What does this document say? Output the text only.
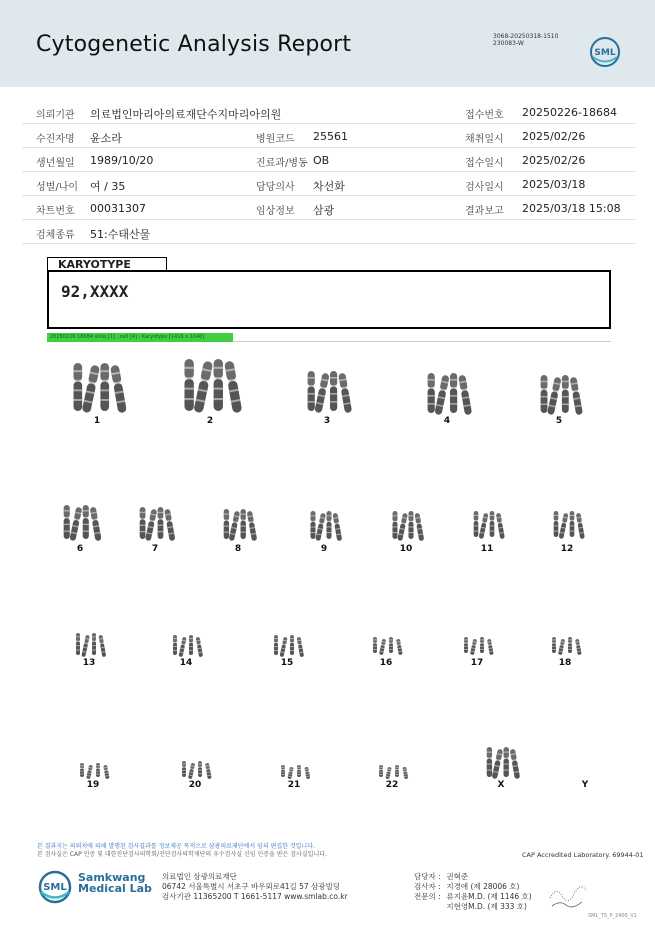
Cytogenetic Analysis Report	3068-20250318-1510
230083-W
SML
의뢰기관 의료법인마리아의료재단수지마리아의원	접수번호 20250226-18684
수진자명 윤소라	병원코드 25561	채취일시 2025/02/26
생년월일 1989/10/20	진료과/병동 OB	접수일시 2025/02/26
성별/나이 여 / 35	담당의사 차선화	검사일시 2025/03/18
차트번호 00031307	임상정보 삼광	결과보고 2025/03/18 15:08
검체종류 51:수태산물
KARYOTYPE
92,XXXX
20250226 18684 slide [1] : cell [4] : Karyotype [1416 x 1040]
1	2	3	4	5
6	7	8	9	10	11	12
13	14	15	16	17	18
19	20	21	22	X	Y
본 결과지는 의뢰처에 의해 발행된 검사결과를 정보제공 목적으로 삼광의료재단에서 임의 편집한 것입니다.
본 검사실은 CAP 인증 및 대한진단검사의학회/진단검사의학재단의 우수검사실 신임 인증을 받은 검사실입니다.	CAP Accredited Laboratory. 69944-01
SML
Samkwang
Medical Lab
의료법인 삼광의료재단
06742 서울특별시 서초구 바우뫼로41길 57 삼광빌딩
검사기관 11365200 T 1661-5117 www.smlab.co.kr
담당자 : 권혁준
검사자 : 지경애 (제 28006 호)
전문의 : 류지윤M.D. (제 1146 호)
지현영M.D. (제 333 호)
SML_TS_P_2400_V1
